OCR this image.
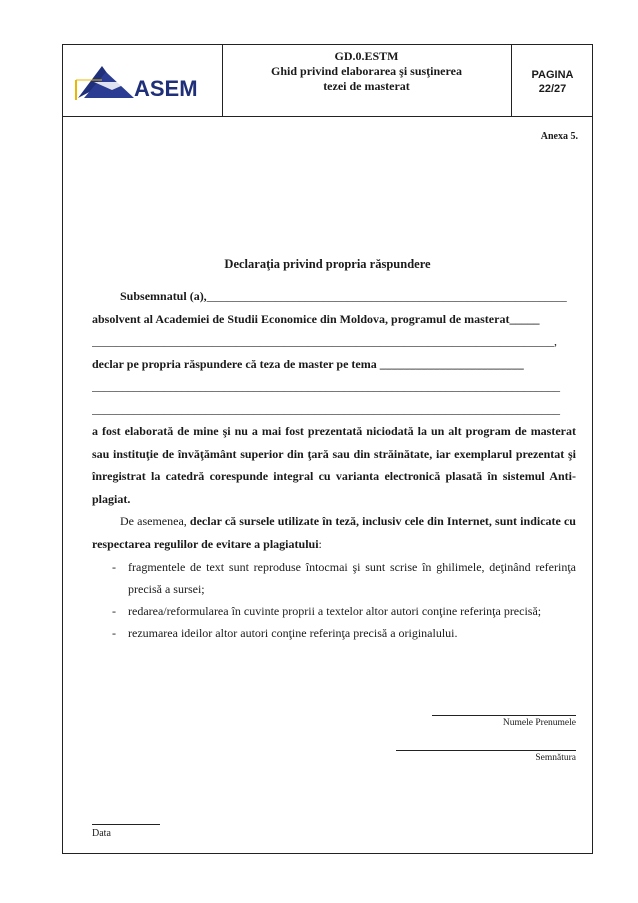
ASEM
GD.0.ESTM
Ghid privind elaborarea şi susţinerea
tezei de masterat
PAGINA
22/27
Anexa 5.
Declaraţia privind propria răspundere
Subsemnatul (a),____________________________________________________________
absolvent al Academiei de Studii Economice din Moldova, programul de masterat_____
_____________________________________________________________________________,
declar pe propria răspundere că teza de master pe tema ________________________
______________________________________________________________________________
______________________________________________________________________________

a fost elaborată de mine şi nu a mai fost prezentată niciodată la un alt program de masterat sau instituţie de învăţământ superior din ţară sau din străinătate, iar exemplarul prezentat şi înregistrat la catedră corespunde integral cu varianta electronică plasată în sistemul Anti-plagiat.

De asemenea, declar că sursele utilizate în teză, inclusiv cele din Internet, sunt indicate cu respectarea regulilor de evitare a plagiatului:

- fragmentele de text sunt reproduse întocmai şi sunt scrise în ghilimele, deţinând referinţa precisă a sursei;
- redarea/reformularea în cuvinte proprii a textelor altor autori conţine referinţa precisă;
- rezumarea ideilor altor autori conţine referinţa precisă a originalului.
Numele Prenumele
Semnătura
Data
